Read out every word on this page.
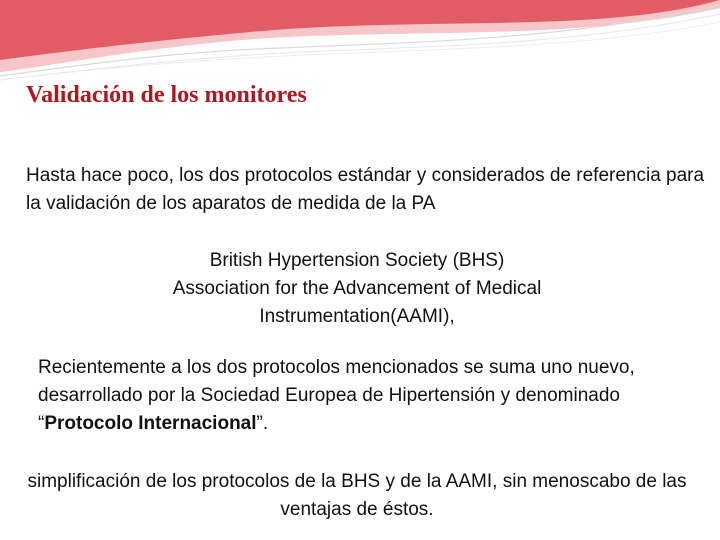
Validación de los monitores

Hasta hace poco, los dos protocolos estándar y considerados de referencia para la validación de los aparatos de medida de la PA

British Hypertension Society (BHS)
Association for the Advancement of Medical
Instrumentation(AAMI),

Recientemente a los dos protocolos mencionados se suma uno nuevo, desarrollado por la Sociedad Europea de Hipertensión y denominado “Protocolo Internacional”.

simplificación de los protocolos de la BHS y de la AAMI, sin menoscabo de las ventajas de éstos.
